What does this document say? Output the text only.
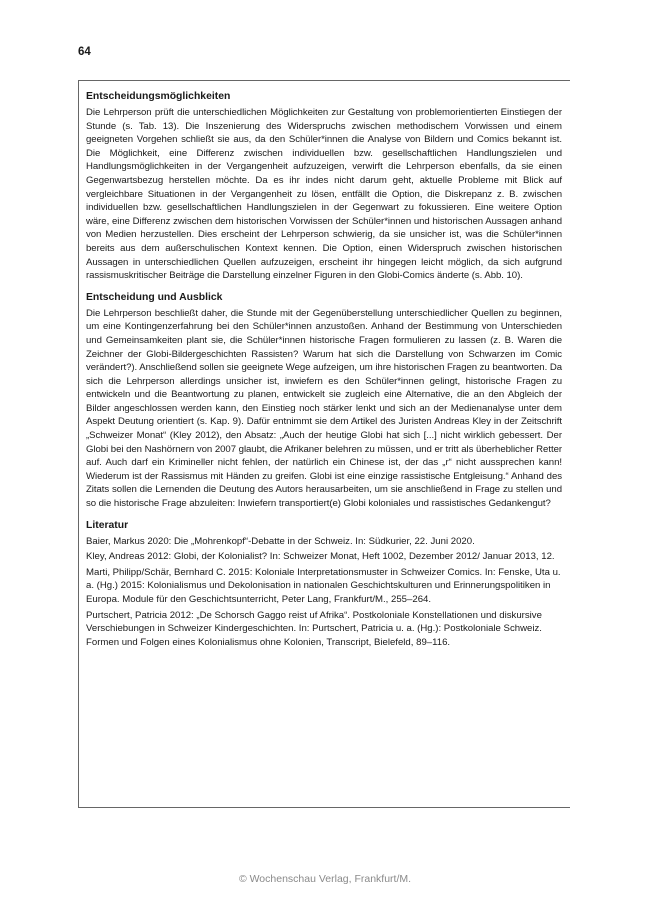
64
Entscheidungsmöglichkeiten

Die Lehrperson prüft die unterschiedlichen Möglichkeiten zur Gestaltung von problemorientierten Einstiegen der Stunde (s. Tab. 13). Die Inszenierung des Widerspruchs zwischen methodischem Vorwissen und einem geeigneten Vorgehen schließt sie aus, da den Schüler*innen die Analyse von Bildern und Comics bekannt ist. Die Möglichkeit, eine Differenz zwischen individuellen bzw. gesellschaftlichen Handlungszielen und Handlungsmöglichkeiten in der Vergangenheit aufzuzeigen, verwirft die Lehrperson ebenfalls, da sie einen Gegenwartsbezug herstellen möchte. Da es ihr indes nicht darum geht, aktuelle Probleme mit Blick auf vergleichbare Situationen in der Vergangenheit zu lösen, entfällt die Option, die Diskrepanz z. B. zwischen individuellen bzw. gesellschaftlichen Handlungszielen in der Gegenwart zu fokussieren. Eine weitere Option wäre, eine Differenz zwischen dem historischen Vorwissen der Schüler*innen und historischen Aussagen anhand von Medien herzustellen. Dies erscheint der Lehrperson schwierig, da sie unsicher ist, was die Schüler*innen bereits aus dem außerschulischen Kontext kennen. Die Option, einen Widerspruch zwischen historischen Aussagen in unterschiedlichen Quellen aufzuzeigen, erscheint ihr hingegen leicht möglich, da sich aufgrund rassismuskritischer Beiträge die Darstellung einzelner Figuren in den Globi-Comics änderte (s. Abb. 10).

Entscheidung und Ausblick

Die Lehrperson beschließt daher, die Stunde mit der Gegenüberstellung unterschiedlicher Quellen zu beginnen, um eine Kontingenzerfahrung bei den Schüler*innen anzustoßen. Anhand der Bestimmung von Unterschieden und Gemeinsamkeiten plant sie, die Schüler*innen historische Fragen formulieren zu lassen (z. B. Waren die Zeichner der Globi-Bildergeschichten Rassisten? Warum hat sich die Darstellung von Schwarzen im Comic verändert?). Anschließend sollen sie geeignete Wege aufzeigen, um ihre historischen Fragen zu beantworten. Da sich die Lehrperson allerdings unsicher ist, inwiefern es den Schüler*innen gelingt, historische Fragen zu entwickeln und die Beantwortung zu planen, entwickelt sie zugleich eine Alternative, die an den Abgleich der Bilder angeschlossen werden kann, den Einstieg noch stärker lenkt und sich an der Medienanalyse unter dem Aspekt Deutung orientiert (s. Kap. 9). Dafür entnimmt sie dem Artikel des Juristen Andreas Kley in der Zeitschrift „Schweizer Monat“ (Kley 2012), den Absatz: „Auch der heutige Globi hat sich [...] nicht wirklich gebessert. Der Globi bei den Nashörnern von 2007 glaubt, die Afrikaner belehren zu müssen, und er tritt als überheblicher Retter auf. Auch darf ein Krimineller nicht fehlen, der natürlich ein Chinese ist, der das „r“ nicht aussprechen kann! Wiederum ist der Rassismus mit Händen zu greifen. Globi ist eine einzige rassistische Entgleisung.“ Anhand des Zitats sollen die Lernenden die Deutung des Autors herausarbeiten, um sie anschließend in Frage zu stellen und so die historische Frage abzuleiten: Inwiefern transportiert(e) Globi koloniales und rassistisches Gedankengut?

Literatur
Baier, Markus 2020: Die „Mohrenkopf“-Debatte in der Schweiz. In: Südkurier, 22. Juni 2020.
Kley, Andreas 2012: Globi, der Kolonialist? In: Schweizer Monat, Heft 1002, Dezember 2012/ Januar 2013, 12.
Marti, Philipp/Schär, Bernhard C. 2015: Koloniale Interpretationsmuster in Schweizer Comics. In: Fenske, Uta u. a. (Hg.) 2015: Kolonialismus und Dekolonisation in nationalen Geschichtskulturen und Erinnerungspolitiken in Europa. Module für den Geschichtsunterricht, Peter Lang, Frankfurt/M., 255–264.
Purtschert, Patricia 2012: „De Schorsch Gaggo reist uf Afrika“. Postkoloniale Konstellationen und diskursive Verschiebungen in Schweizer Kindergeschichten. In: Purtschert, Patricia u. a. (Hg.): Postkoloniale Schweiz. Formen und Folgen eines Kolonialismus ohne Kolonien, Transcript, Bielefeld, 89–116.
© Wochenschau Verlag, Frankfurt/M.
